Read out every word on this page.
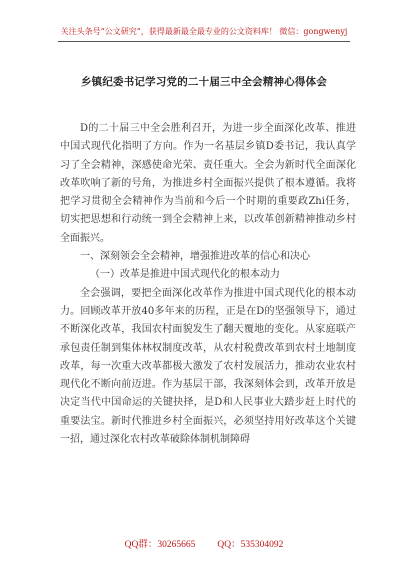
关注头条号“公文研究”，获得最新最全最专业的公文资料库！ 微信：gongwenyj
乡镇纪委书记学习党的二十届三中全会精神心得体会

D的二十届三中全会胜利召开，为进一步全面深化改革、推进中国式现代化指明了方向。作为一名基层乡镇D委书记，我认真学习了全会精神，深感使命光荣、责任重大。全会为新时代全面深化改革吹响了新的号角，为推进乡村全面振兴提供了根本遵循。我将把学习贯彻全会精神作为当前和今后一个时期的重要政Zhi任务，切实把思想和行动统一到全会精神上来，以改革创新精神推动乡村全面振兴。

一、深刻领会全会精神，增强推进改革的信心和决心

（一）改革是推进中国式现代化的根本动力

全会强调，要把全面深化改革作为推进中国式现代化的根本动力。回顾改革开放40多年来的历程，正是在D的坚强领导下，通过不断深化改革，我国农村面貌发生了翻天覆地的变化。从家庭联产承包责任制到集体林权制度改革，从农村税费改革到农村土地制度改革，每一次重大改革都极大激发了农村发展活力，推动农业农村现代化不断向前迈进。作为基层干部，我深刻体会到，改革开放是决定当代中国命运的关键抉择，是D和人民事业大踏步赶上时代的重要法宝。新时代推进乡村全面振兴，必须坚持用好改革这个关键一招，通过深化农村改革破除体制机制障碍

QQ群：30265665 QQ：535304092
